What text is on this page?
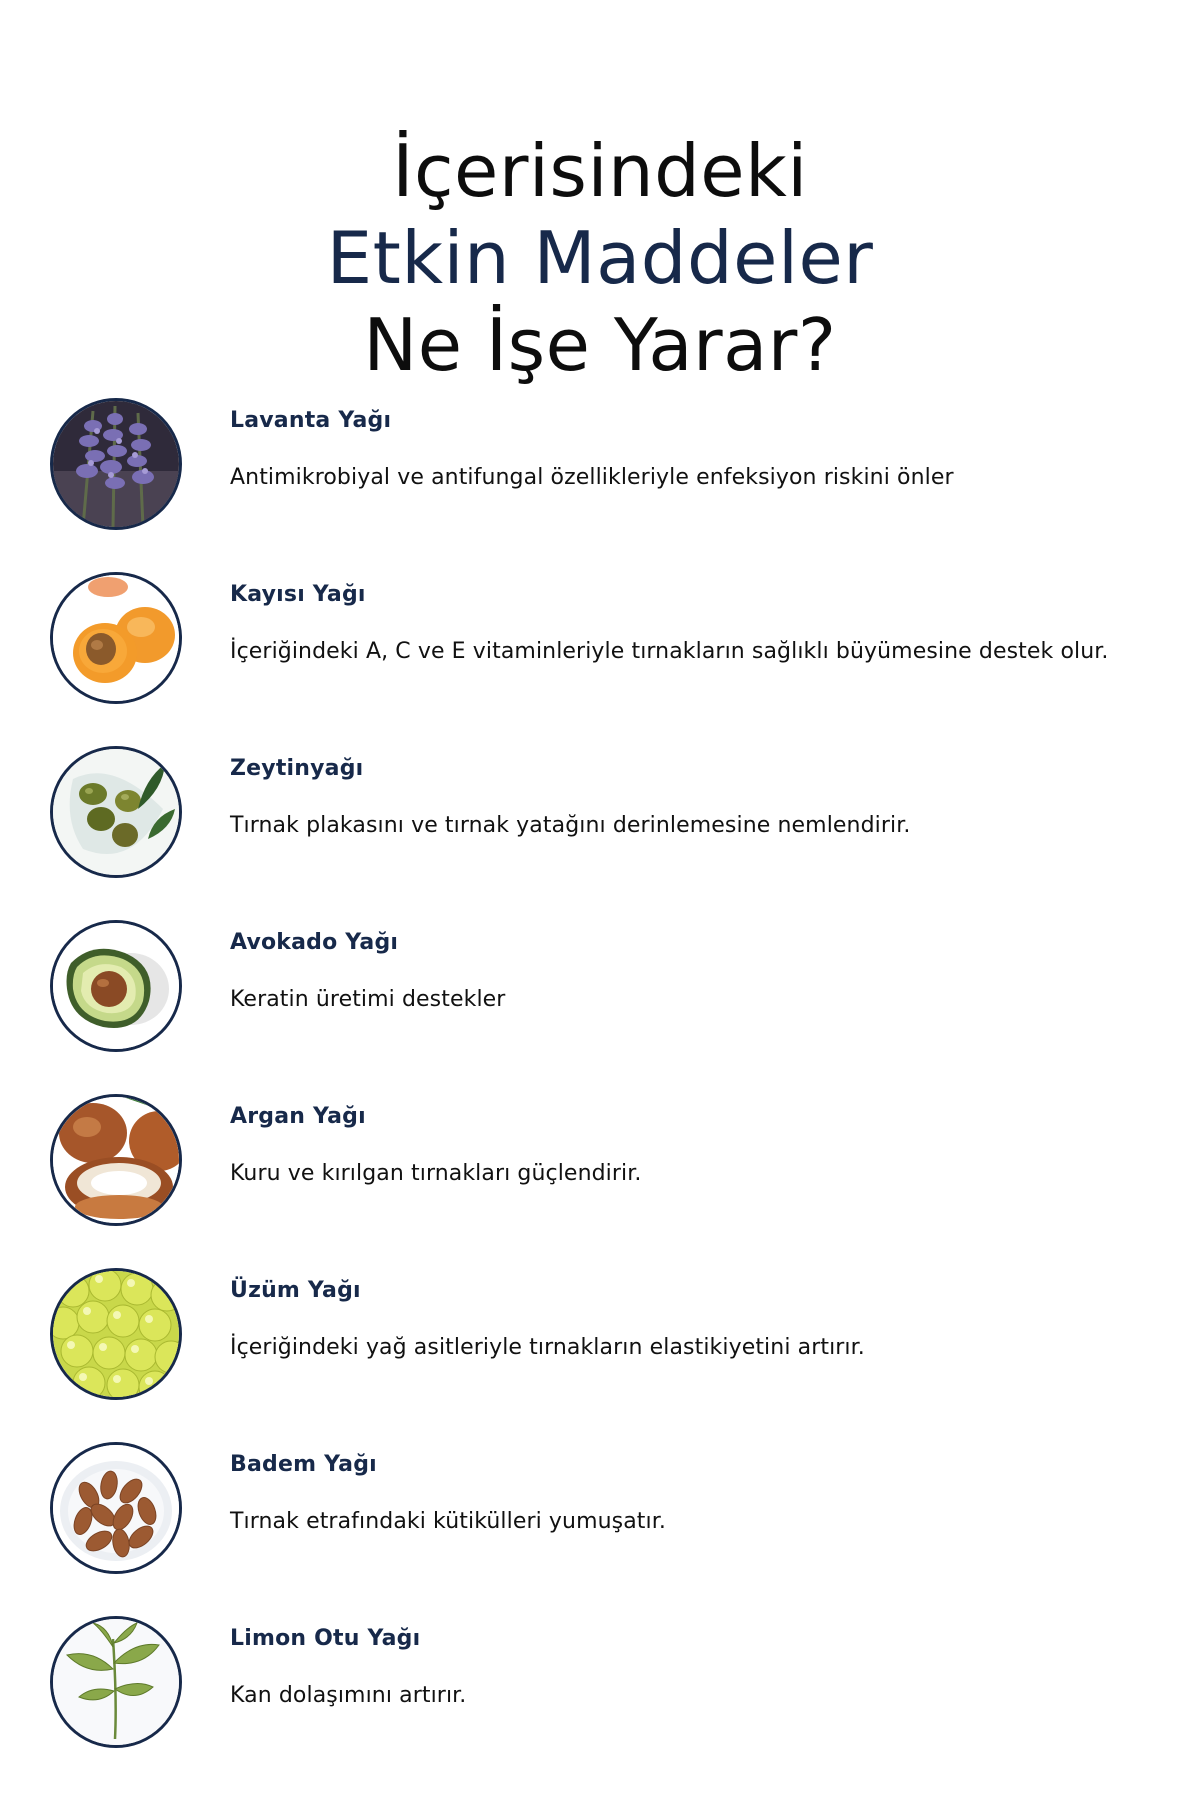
İçerisindeki
Etkin Maddeler
Ne İşe Yarar?
Lavanta Yağı
Antimikrobiyal ve antifungal özellikleriyle enfeksiyon riskini önler
Kayısı Yağı
İçeriğindeki A, C ve E vitaminleriyle tırnakların sağlıklı büyümesine destek olur.
Zeytinyağı
Tırnak plakasını ve tırnak yatağını derinlemesine nemlendirir.
Avokado Yağı
Keratin üretimi destekler
Argan Yağı
Kuru ve kırılgan tırnakları güçlendirir.
Üzüm Yağı
İçeriğindeki yağ asitleriyle tırnakların elastikiyetini artırır.
Badem Yağı
Tırnak etrafındaki kütikülleri yumuşatır.
Limon Otu Yağı
Kan dolaşımını artırır.
